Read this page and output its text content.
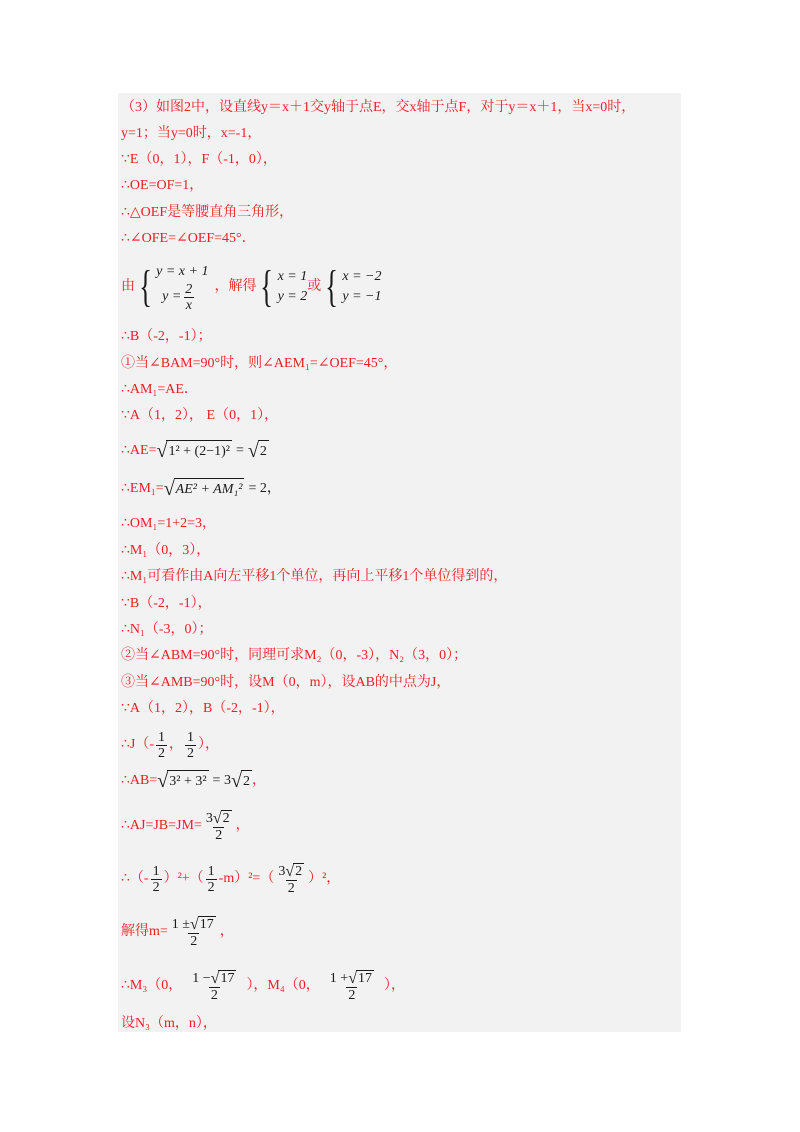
（3）如图2中，设直线y＝x＋1交y轴于点E，交x轴于点F，对于y＝x＋1，当x=0时，
y=1；当y=0时，x=-1，
∵E（0，1），F（-1，0），
∴OE=OF=1，
∴△OEF是等腰直角三角形，
∴∠OFE=∠OEF=45°．
由 { y = x + 1
$y = \frac{2}{x}$ ，解得 { x = 1
y = 2
或 { x = −2
y = −1
∴B（-2，-1）；
①当∠BAM=90°时，则∠AEM₁=∠OEF=45°，
∴AM₁=AE．
∵A（1，2）， E（0，1），
∴AE= √ 1² + (2−1)² = √ 2
∴EM₁= √ AE² + AM₁² = 2，
∴OM₁=1+2=3，
∴M₁（0，3），
∴M₁可看作由A向左平移1个单位，再向上平移1个单位得到的，
∵B（-2，-1），
∴N₁（-3，0）；
②当∠ABM=90°时，同理可求M₂（0，-3），N₂（3，0）；
③当∠AMB=90°时，设M（0，m），设AB的中点为J，
∵A（1，2），B（-2，-1），
∴J（- $\frac{1}{2}$ ， $\frac{1}{2}$ ），
∴AB= √ 3² + 3² = 3 √ 2 ，
∴AJ=JB=JM= $\frac{3 √ 2}{2}$ ，
∴（- $\frac{1}{2} )^2+( \frac{1}{2} -m)^2=( \frac{3 √ 2}{2} )^2$，
解得$m= \frac{1 \pm √ 17}{2}$ ，
∴M₃（0， $\frac{1 - √ 17}{2}$ ），M₄（0， $\frac{1 + √ 17}{2}$ ），
设N₃（m，n），
